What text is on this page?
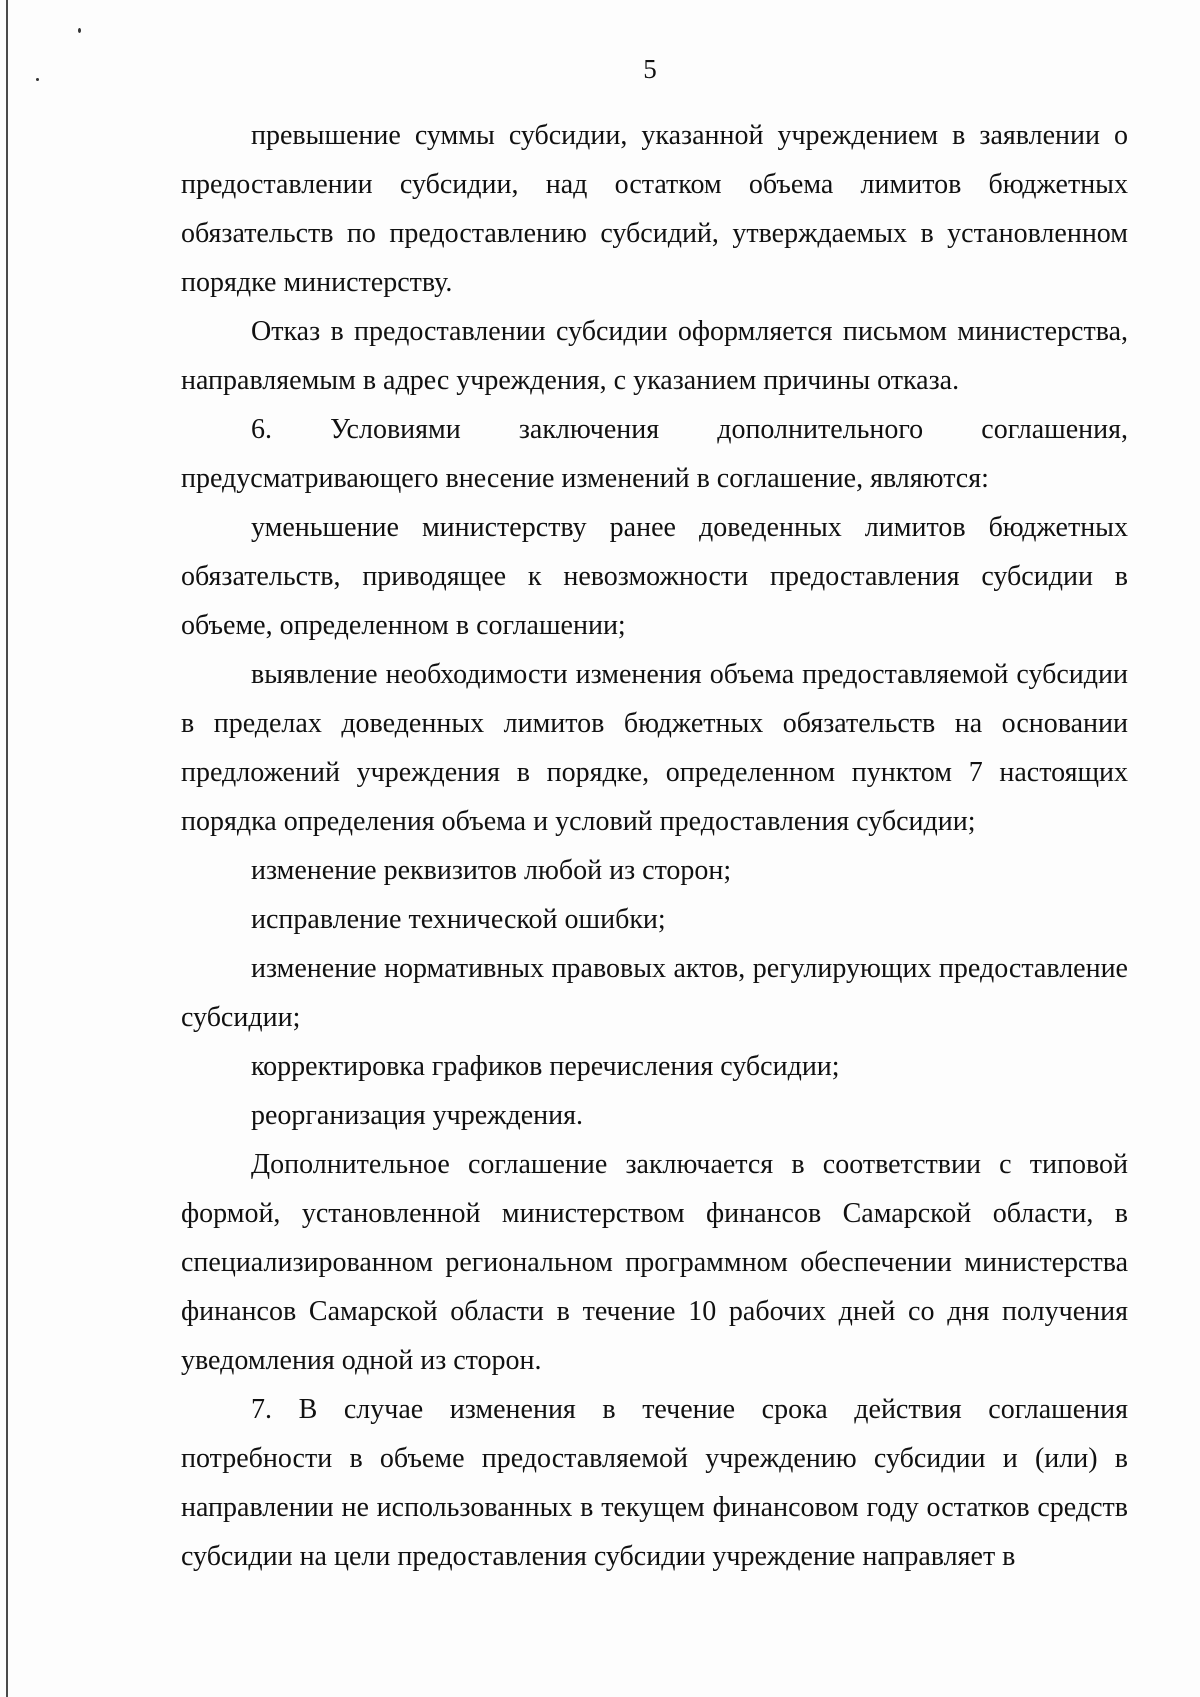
5

превышение суммы субсидии, указанной учреждением в заявлении о предоставлении субсидии, над остатком объема лимитов бюджетных обязательств по предоставлению субсидий, утверждаемых в установленном порядке министерству.

Отказ в предоставлении субсидии оформляется письмом министерства, направляемым в адрес учреждения, с указанием причины отказа.

6. Условиями заключения дополнительного соглашения, предусматривающего внесение изменений в соглашение, являются:

уменьшение министерству ранее доведенных лимитов бюджетных обязательств, приводящее к невозможности предоставления субсидии в объеме, определенном в соглашении;

выявление необходимости изменения объема предоставляемой субсидии в пределах доведенных лимитов бюджетных обязательств на основании предложений учреждения в порядке, определенном пунктом 7 настоящих порядка определения объема и условий предоставления субсидии;

изменение реквизитов любой из сторон;

исправление технической ошибки;

изменение нормативных правовых актов, регулирующих предоставление субсидии;

корректировка графиков перечисления субсидии;

реорганизация учреждения.

Дополнительное соглашение заключается в соответствии с типовой формой, установленной министерством финансов Самарской области, в специализированном региональном программном обеспечении министерства финансов Самарской области в течение 10 рабочих дней со дня получения уведомления одной из сторон.

7. В случае изменения в течение срока действия соглашения потребности в объеме предоставляемой учреждению субсидии и (или) в направлении не использованных в текущем финансовом году остатков средств субсидии на цели предоставления субсидии учреждение направляет в
